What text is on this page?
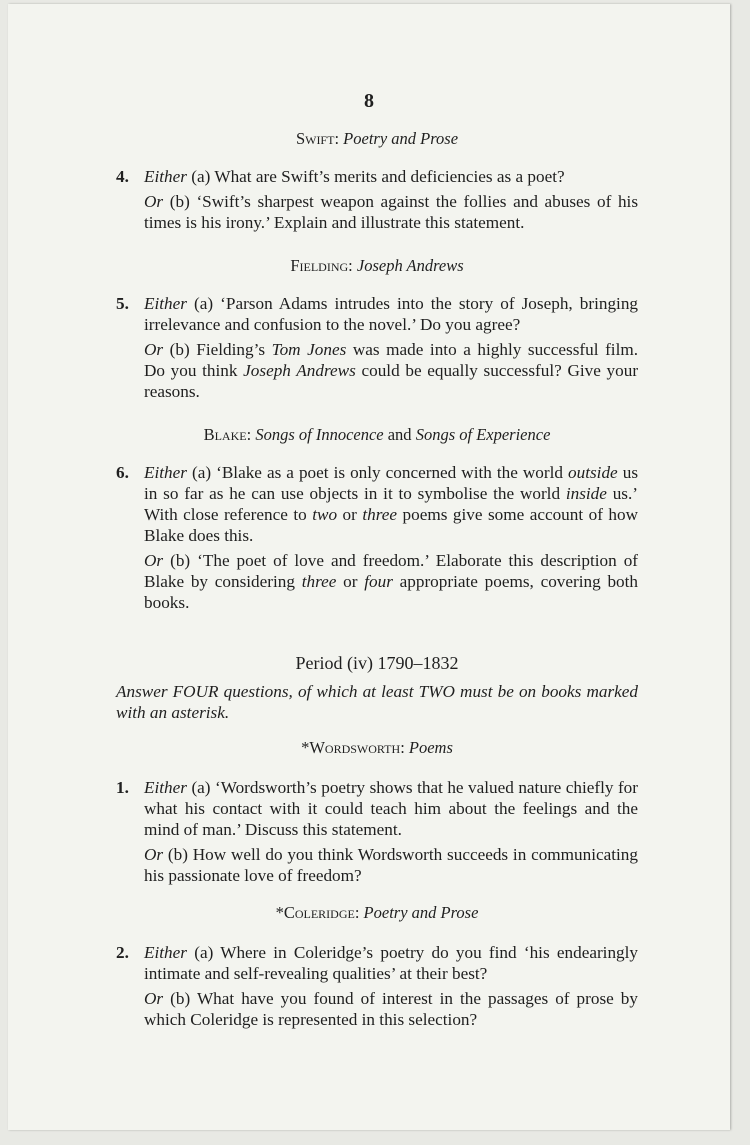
8
Swift: Poetry and Prose
4. Either (a) What are Swift’s merits and deficiencies as a poet?

Or (b) ‘Swift’s sharpest weapon against the follies and abuses of his times is his irony.’ Explain and illustrate this statement.

Fielding: Joseph Andrews
5. Either (a) ‘Parson Adams intrudes into the story of Joseph, bringing irrelevance and confusion to the novel.’ Do you agree?

Or (b) Fielding’s Tom Jones was made into a highly successful film. Do you think Joseph Andrews could be equally successful? Give your reasons.

Blake: Songs of Innocence and Songs of Experience
6. Either (a) ‘Blake as a poet is only concerned with the world outside us in so far as he can use objects in it to symbolise the world inside us.’ With close reference to two or three poems give some account of how Blake does this.

Or (b) ‘The poet of love and freedom.’ Elaborate this description of Blake by considering three or four appropriate poems, covering both books.

Period (iv) 1790–1832

Answer FOUR questions, of which at least TWO must be on books marked with an asterisk.

*Wordsworth: Poems
1. Either (a) ‘Wordsworth’s poetry shows that he valued nature chiefly for what his contact with it could teach him about the feelings and the mind of man.’ Discuss this statement.

Or (b) How well do you think Wordsworth succeeds in communicating his passionate love of freedom?

*Coleridge: Poetry and Prose
2. Either (a) Where in Coleridge’s poetry do you find ‘his endearingly intimate and self-revealing qualities’ at their best?

Or (b) What have you found of interest in the passages of prose by which Coleridge is represented in this selection?
